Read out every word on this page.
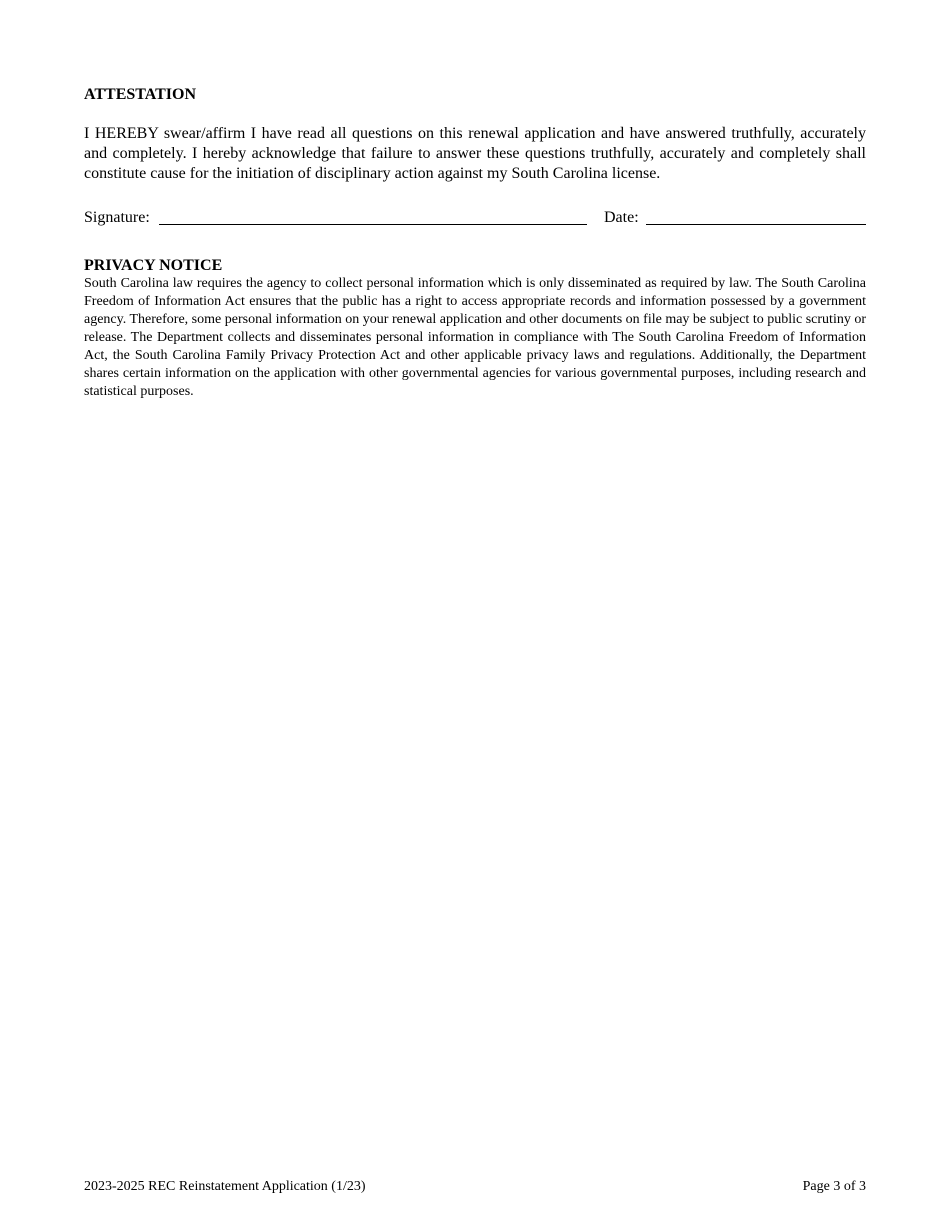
ATTESTATION

I HEREBY swear/affirm I have read all questions on this renewal application and have answered truthfully, accurately and completely. I hereby acknowledge that failure to answer these questions truthfully, accurately and completely shall constitute cause for the initiation of disciplinary action against my South Carolina license.

Signature:	Date:
PRIVACY NOTICE

South Carolina law requires the agency to collect personal information which is only disseminated as required by law. The South Carolina Freedom of Information Act ensures that the public has a right to access appropriate records and information possessed by a government agency. Therefore, some personal information on your renewal application and other documents on file may be subject to public scrutiny or release. The Department collects and disseminates personal information in compliance with The South Carolina Freedom of Information Act, the South Carolina Family Privacy Protection Act and other applicable privacy laws and regulations. Additionally, the Department shares certain information on the application with other governmental agencies for various governmental purposes, including research and statistical purposes.

2023-2025 REC Reinstatement Application (1/23)	Page 3 of 3
